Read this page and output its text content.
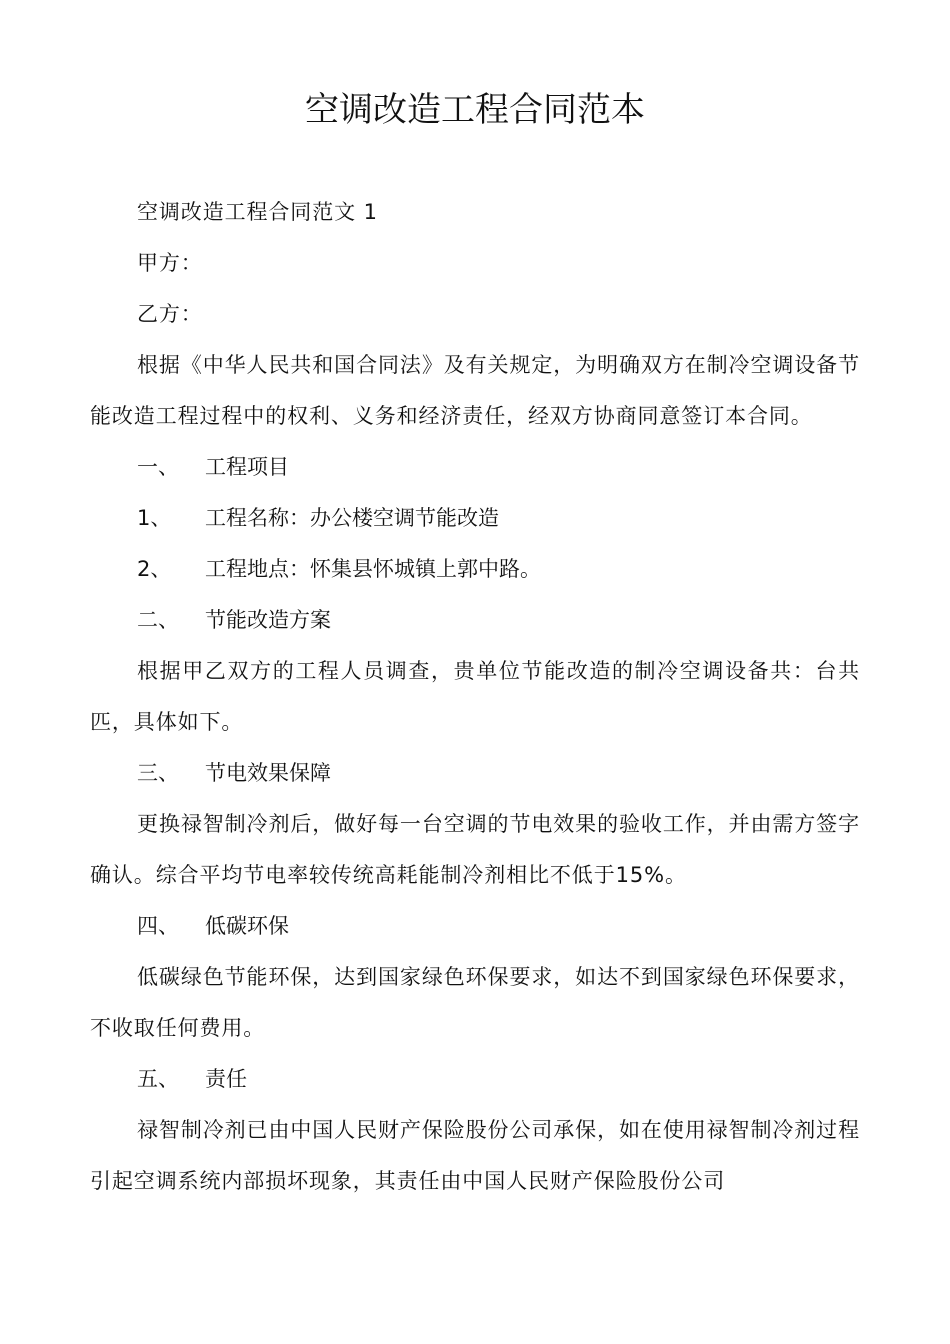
空调改造工程合同范本

空调改造工程合同范文 1

甲方：

乙方：

根据《中华人民共和国合同法》及有关规定，为明确双方在制冷空调设备节能改造工程过程中的权利、义务和经济责任，经双方协商同意签订本合同。

一、 工程项目

1、 工程名称：办公楼空调节能改造

2、 工程地点：怀集县怀城镇上郭中路。

二、 节能改造方案

根据甲乙双方的工程人员调查，贵单位节能改造的制冷空调设备共：台共匹，具体如下。

三、 节电效果保障

更换禄智制冷剂后，做好每一台空调的节电效果的验收工作，并由需方签字确认。综合平均节电率较传统高耗能制冷剂相比不低于15%。

四、 低碳环保

低碳绿色节能环保，达到国家绿色环保要求，如达不到国家绿色环保要求，不收取任何费用。

五、 责任

禄智制冷剂已由中国人民财产保险股份公司承保，如在使用禄智制冷剂过程引起空调系统内部损坏现象，其责任由中国人民财产保险股份公司
